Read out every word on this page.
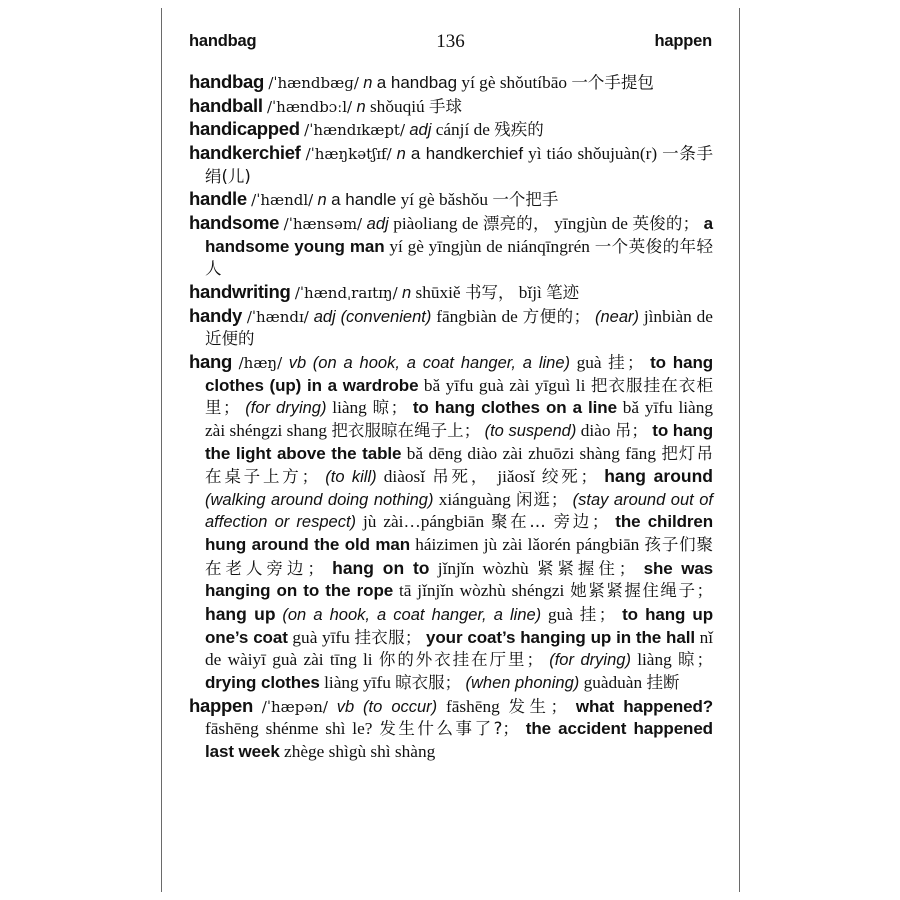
handbag	136	happen

handbag /ˈhændbæɡ/ n a handbag yí gè shǒutíbāo 一个手提包

handball /ˈhændbɔːl/ n shǒuqiú 手球

handicapped /ˈhændɪkæpt/ adj cánjí de 残疾的

handkerchief /ˈhæŋkətʃɪf/ n a handkerchief yì tiáo shǒujuàn(r) 一条手绢(儿)

handle /ˈhændl/ n a handle yí gè bǎshǒu 一个把手

handsome /ˈhænsəm/ adj piàoliang de 漂亮的， yīngjùn de 英俊的； a handsome young man yí gè yīngjùn de niánqīngrén 一个英俊的年轻人

handwriting /ˈhændˌraɪtɪŋ/ n shūxiě 书写， bǐjì 笔迹

handy /ˈhændɪ/ adj (convenient) fāngbiàn de 方便的； (near) jìnbiàn de 近便的

hang /hæŋ/ vb (on a hook, a coat hanger, a line) guà 挂； to hang clothes (up) in a wardrobe bǎ yīfu guà zài yīguì li 把衣服挂在衣柜里； (for drying) liàng 晾； to hang clothes on a line bǎ yīfu liàng zài shéngzi shang 把衣服晾在绳子上； (to suspend) diào 吊； to hang the light above the table bǎ dēng diào zài zhuōzi shàng fāng 把灯吊在桌子上方； (to kill) diàosǐ 吊死， jiǎosǐ 绞死； hang around (walking around doing nothing) xiánguàng 闲逛； (stay around out of affection or respect) jù zài…pángbiān 聚在… 旁边； the children hung around the old man háizimen jù zài lǎorén pángbiān 孩子们聚在老人旁边； hang on to jǐnjǐn wòzhù 紧紧握住； she was hanging on to the rope tā jǐnjǐn wòzhù shéngzi 她紧紧握住绳子； hang up (on a hook, a coat hanger, a line) guà 挂； to hang up one’s coat guà yīfu 挂衣服； your coat’s hanging up in the hall nǐ de wàiyī guà zài tīng li 你的外衣挂在厅里； (for drying) liàng 晾； drying clothes liàng yīfu 晾衣服； (when phoning) guàduàn 挂断

happen /ˈhæpən/ vb (to occur) fāshēng 发生； what happened? fāshēng shénme shì le? 发生什么事了?； the accident happened last week zhège shìgù shì shàng
